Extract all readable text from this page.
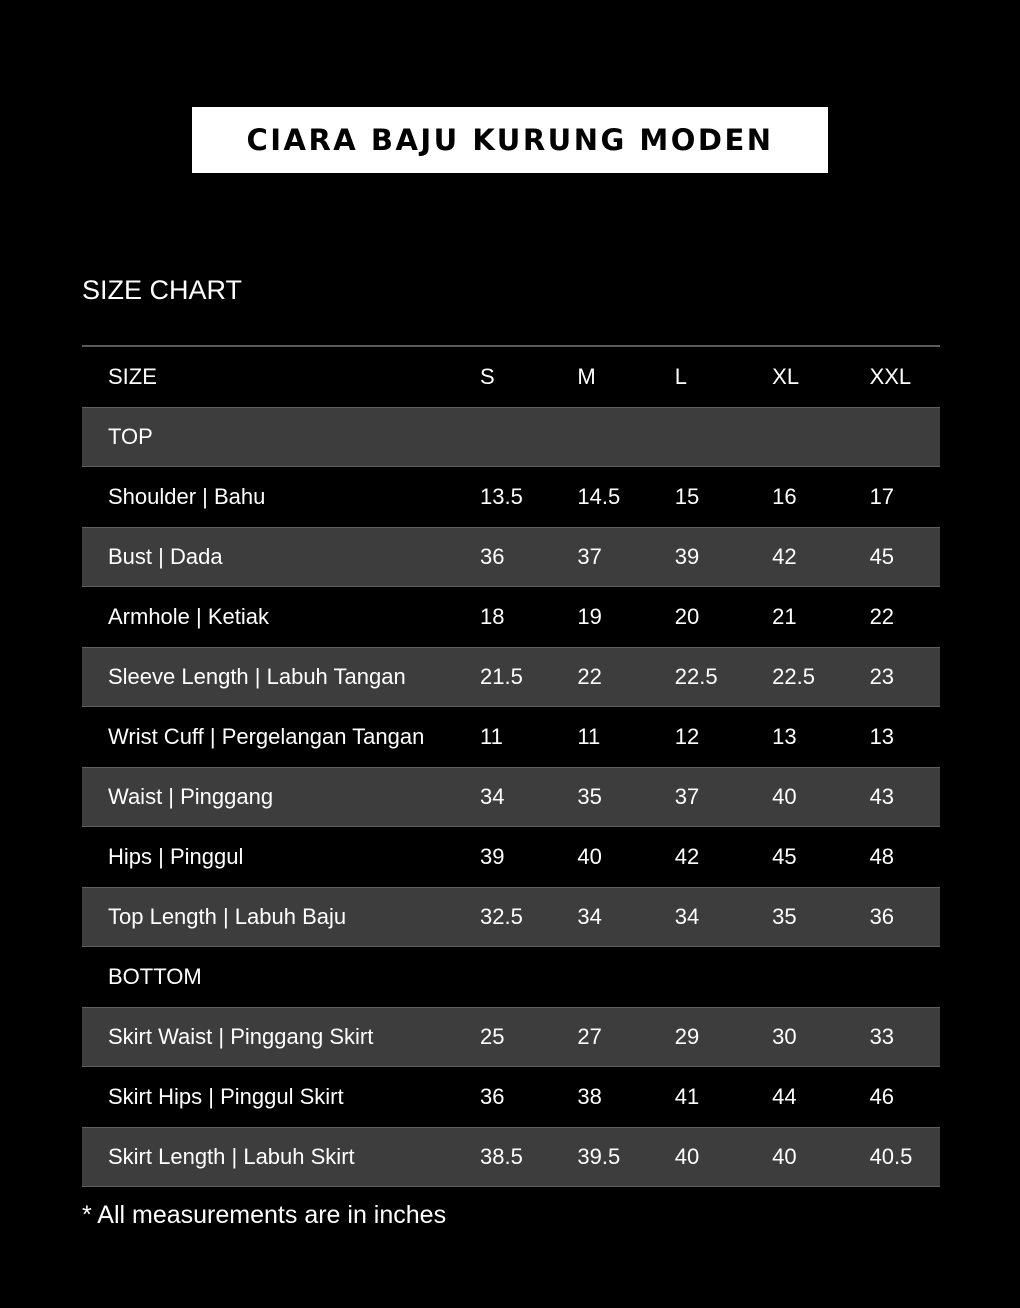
CIARA BAJU KURUNG MODEN
SIZE CHART
SIZE	S	M	L	XL	XXL
TOP
Shoulder | Bahu	13.5	14.5	15	16	17
Bust | Dada	36	37	39	42	45
Armhole | Ketiak	18	19	20	21	22
Sleeve Length | Labuh Tangan	21.5	22	22.5	22.5	23
Wrist Cuff | Pergelangan Tangan	11	11	12	13	13
Waist | Pinggang	34	35	37	40	43
Hips | Pinggul	39	40	42	45	48
Top Length | Labuh Baju	32.5	34	34	35	36
BOTTOM
Skirt Waist | Pinggang Skirt	25	27	29	30	33
Skirt Hips | Pinggul Skirt	36	38	41	44	46
Skirt Length | Labuh Skirt	38.5	39.5	40	40	40.5
* All measurements are in inches
